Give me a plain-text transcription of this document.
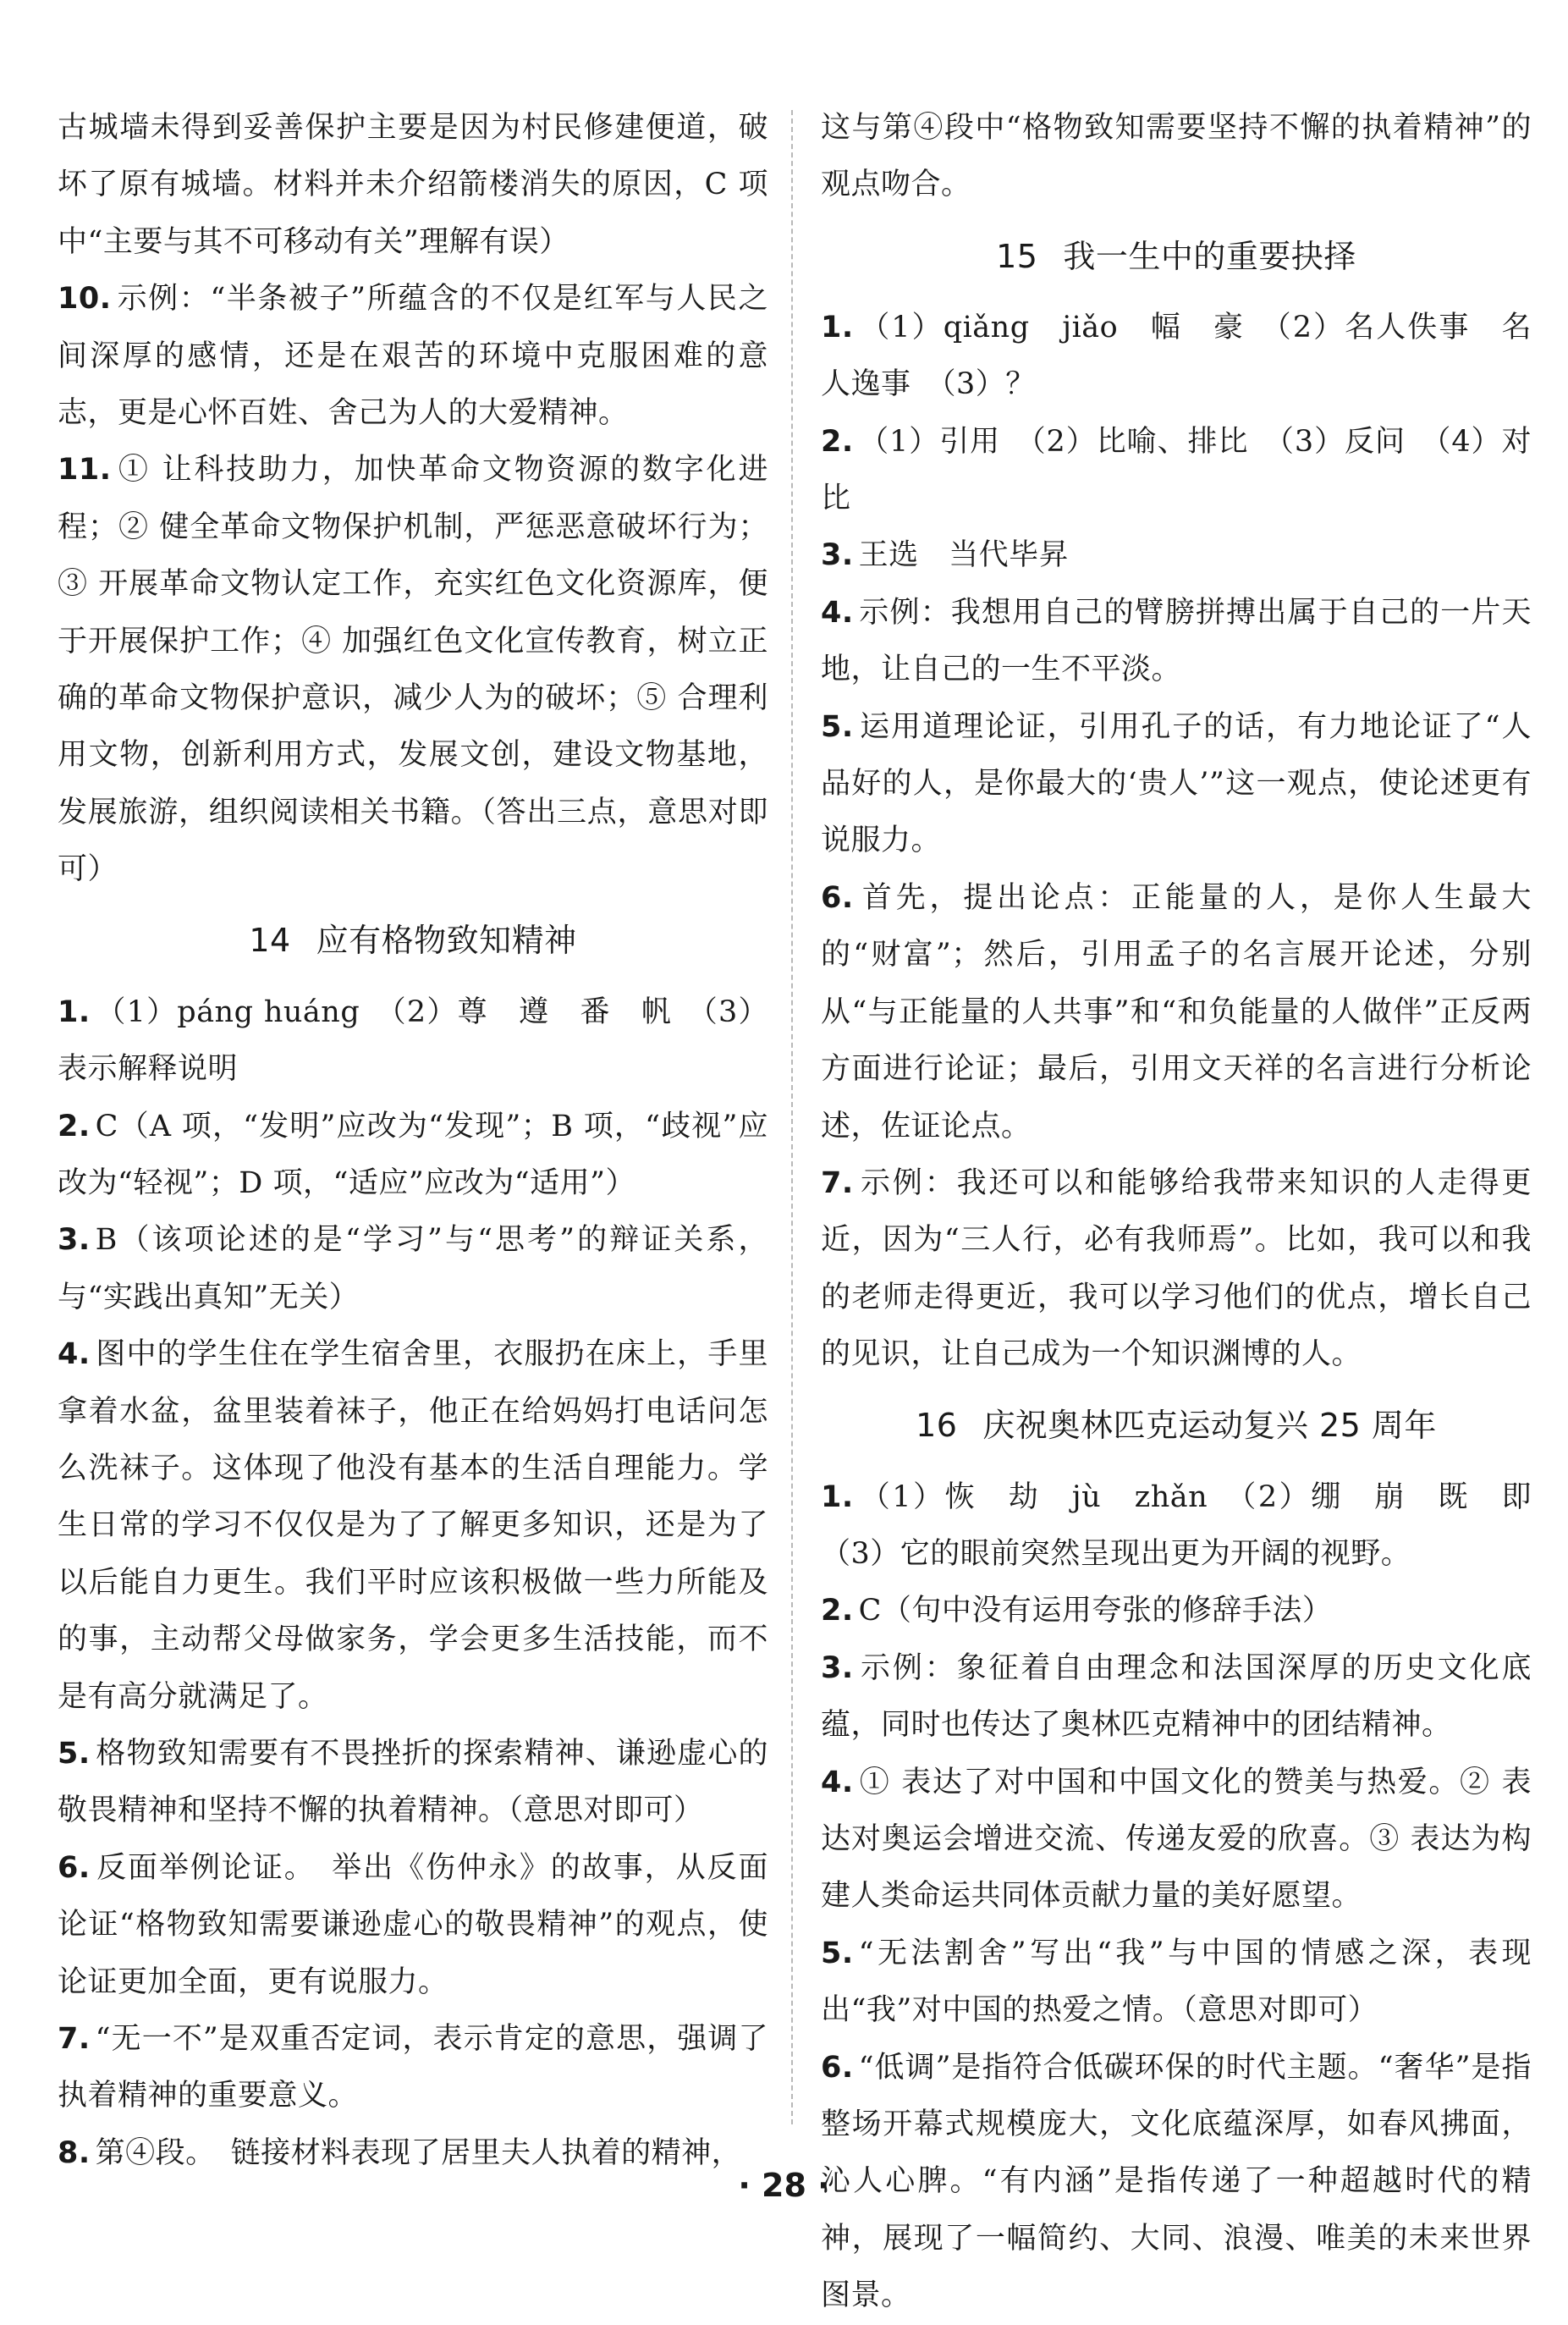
古城墙未得到妥善保护主要是因为村民修建便道，破坏了原有城墙。材料并未介绍箭楼消失的原因，C 项中“主要与其不可移动有关”理解有误）

10. 示例：“半条被子”所蕴含的不仅是红军与人民之间深厚的感情，还是在艰苦的环境中克服困难的意志，更是心怀百姓、舍己为人的大爱精神。

11. ① 让科技助力，加快革命文物资源的数字化进程；② 健全革命文物保护机制，严惩恶意破坏行为；③ 开展革命文物认定工作，充实红色文化资源库，便于开展保护工作；④ 加强红色文化宣传教育，树立正确的革命文物保护意识，减少人为的破坏；⑤ 合理利用文物，创新利用方式，发展文创，建设文物基地，发展旅游，组织阅读相关书籍。（答出三点，意思对即可）

14 应有格物致知精神

1. （1）páng huáng　（2）尊　遵　番　帆　（3）表示解释说明

2. C（A 项，“发明”应改为“发现”；B 项，“歧视”应改为“轻视”；D 项，“适应”应改为“适用”）

3. B（该项论述的是“学习”与“思考”的辩证关系，与“实践出真知”无关）

4. 图中的学生住在学生宿舍里，衣服扔在床上，手里拿着水盆，盆里装着袜子，他正在给妈妈打电话问怎么洗袜子。这体现了他没有基本的生活自理能力。学生日常的学习不仅仅是为了了解更多知识，还是为了以后能自力更生。我们平时应该积极做一些力所能及的事，主动帮父母做家务，学会更多生活技能，而不是有高分就满足了。

5. 格物致知需要有不畏挫折的探索精神、谦逊虚心的敬畏精神和坚持不懈的执着精神。（意思对即可）

6. 反面举例论证。　举出《伤仲永》的故事，从反面论证“格物致知需要谦逊虚心的敬畏精神”的观点，使论证更加全面，更有说服力。

7. “无一不”是双重否定词，表示肯定的意思，强调了执着精神的重要意义。

8. 第④段。　链接材料表现了居里夫人执着的精神，

这与第④段中“格物致知需要坚持不懈的执着精神”的观点吻合。

15 我一生中的重要抉择

1. （1）qiǎng　jiǎo　幅　豪　（2）名人佚事　名人逸事　（3）？

2. （1）引用　（2）比喻、排比　（3）反问　（4）对比

3. 王选　当代毕昇

4. 示例：我想用自己的臂膀拼搏出属于自己的一片天地，让自己的一生不平淡。

5. 运用道理论证，引用孔子的话，有力地论证了“人品好的人，是你最大的‘贵人’”这一观点，使论述更有说服力。

6. 首先，提出论点：正能量的人，是你人生最大的“财富”；然后，引用孟子的名言展开论述，分别从“与正能量的人共事”和“和负能量的人做伴”正反两方面进行论证；最后，引用文天祥的名言进行分析论述，佐证论点。

7. 示例：我还可以和能够给我带来知识的人走得更近，因为“三人行，必有我师焉”。比如，我可以和我的老师走得更近，我可以学习他们的优点，增长自己的见识，让自己成为一个知识渊博的人。

16 庆祝奥林匹克运动复兴 25 周年

1. （1）恢　劫　jù　zhǎn　（2）绷　崩　既　即　（3）它的眼前突然呈现出更为开阔的视野。

2. C（句中没有运用夸张的修辞手法）

3. 示例：象征着自由理念和法国深厚的历史文化底蕴，同时也传达了奥林匹克精神中的团结精神。

4. ① 表达了对中国和中国文化的赞美与热爱。② 表达对奥运会增进交流、传递友爱的欣喜。③ 表达为构建人类命运共同体贡献力量的美好愿望。

5. “无法割舍”写出“我”与中国的情感之深，表现出“我”对中国的热爱之情。（意思对即可）

6. “低调”是指符合低碳环保的时代主题。“奢华”是指整场开幕式规模庞大，文化底蕴深厚，如春风拂面，沁人心脾。“有内涵”是指传递了一种超越时代的精神，展现了一幅简约、大同、浪漫、唯美的未来世界图景。

· 28 ·
